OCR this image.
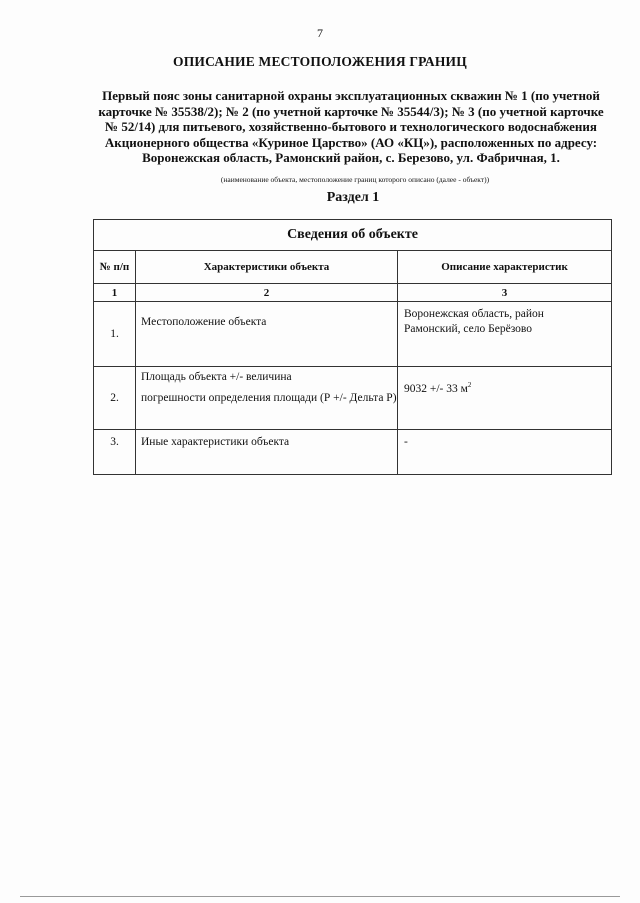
7
ОПИСАНИЕ МЕСТОПОЛОЖЕНИЯ ГРАНИЦ
Первый пояс зоны санитарной охраны эксплуатационных скважин № 1 (по учетной
карточке № 35538/2); № 2 (по учетной карточке № 35544/3); № 3 (по учетной карточке
№ 52/14) для питьевого, хозяйственно-бытового и технологического водоснабжения
Акционерного общества «Куриное Царство» (АО «КЦ»), расположенных по адресу:
Воронежская область, Рамонский район, с. Березово, ул. Фабричная, 1.
(наименование объекта, местоположение границ которого описано (далее - объект))
Раздел 1
Сведения об объекте		
№ п/п	Характеристики объекта	Описание характеристик
1	2	3
1.	Местоположение объекта	Воронежская область, район
Рамонский, село Берёзово
2.	Площадь объекта +/- величина
погрешности определения площади (Р +/- Дельта Р)	9032 +/- 33 $м^2$
3.	Иные характеристики объекта	-
